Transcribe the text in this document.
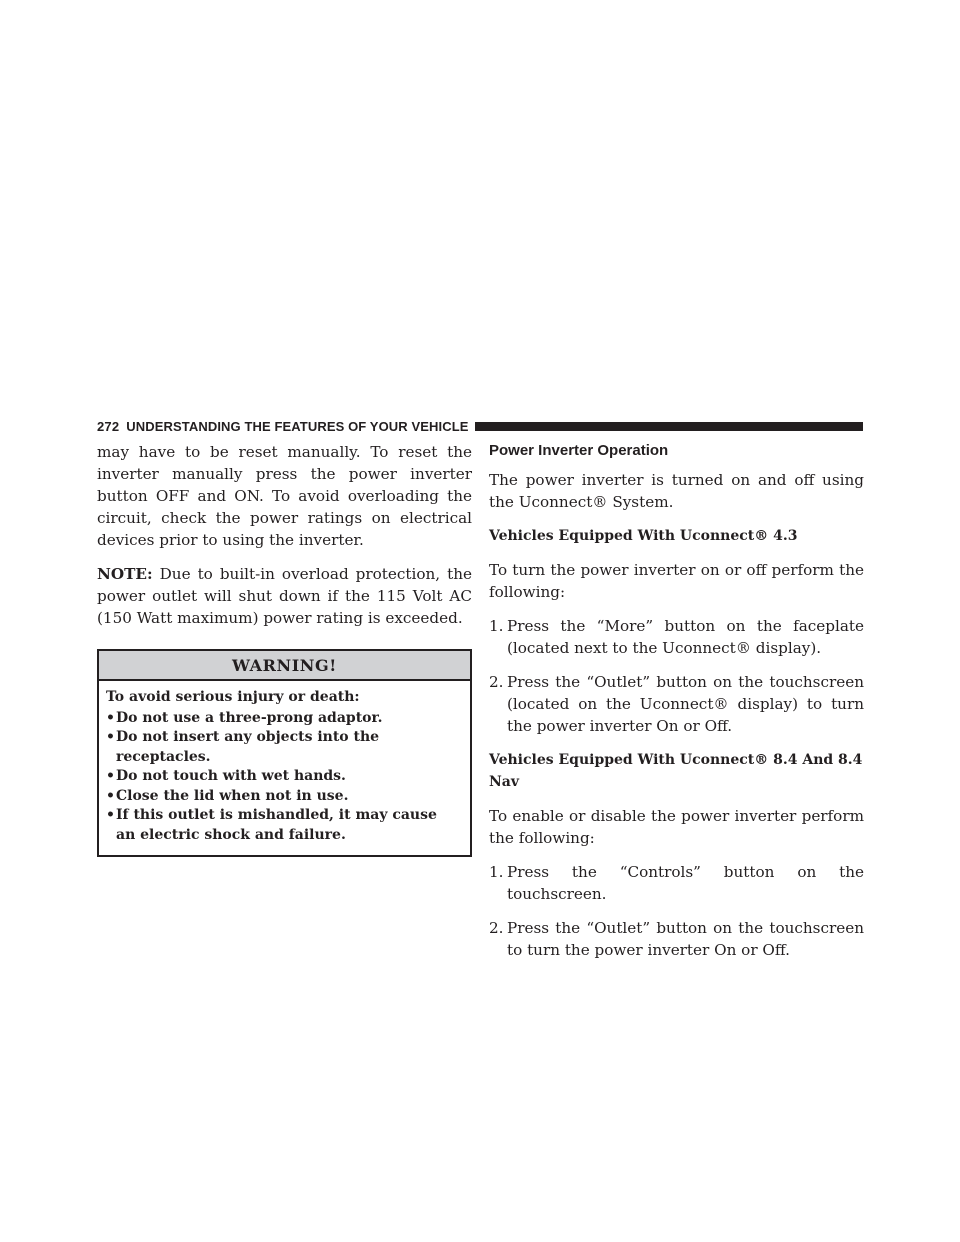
272 UNDERSTANDING THE FEATURES OF YOUR VEHICLE

may have to be reset manually. To reset the inverter manually press the power inverter button OFF and ON. To avoid overloading the circuit, check the power ratings on electrical devices prior to using the inverter.

NOTE: Due to built-in overload protection, the power outlet will shut down if the 115 Volt AC (150 Watt maximum) power rating is exceeded.

WARNING!
To avoid serious injury or death:
• Do not use a three-prong adaptor.
• Do not insert any objects into the receptacles.
• Do not touch with wet hands.
• Close the lid when not in use.
• If this outlet is mishandled, it may cause an electric shock and failure.
Power Inverter Operation

The power inverter is turned on and off using the Uconnect® System.

Vehicles Equipped With Uconnect® 4.3

To turn the power inverter on or off perform the following:

1. Press the “More” button on the faceplate (located next to the Uconnect® display).
2. Press the “Outlet” button on the touchscreen (located on the Uconnect® display) to turn the power inverter On or Off.
Vehicles Equipped With Uconnect® 8.4 And 8.4 Nav

To enable or disable the power inverter perform the following:

1. Press the “Controls” button on the touchscreen.
2. Press the “Outlet” button on the touchscreen to turn the power inverter On or Off.
